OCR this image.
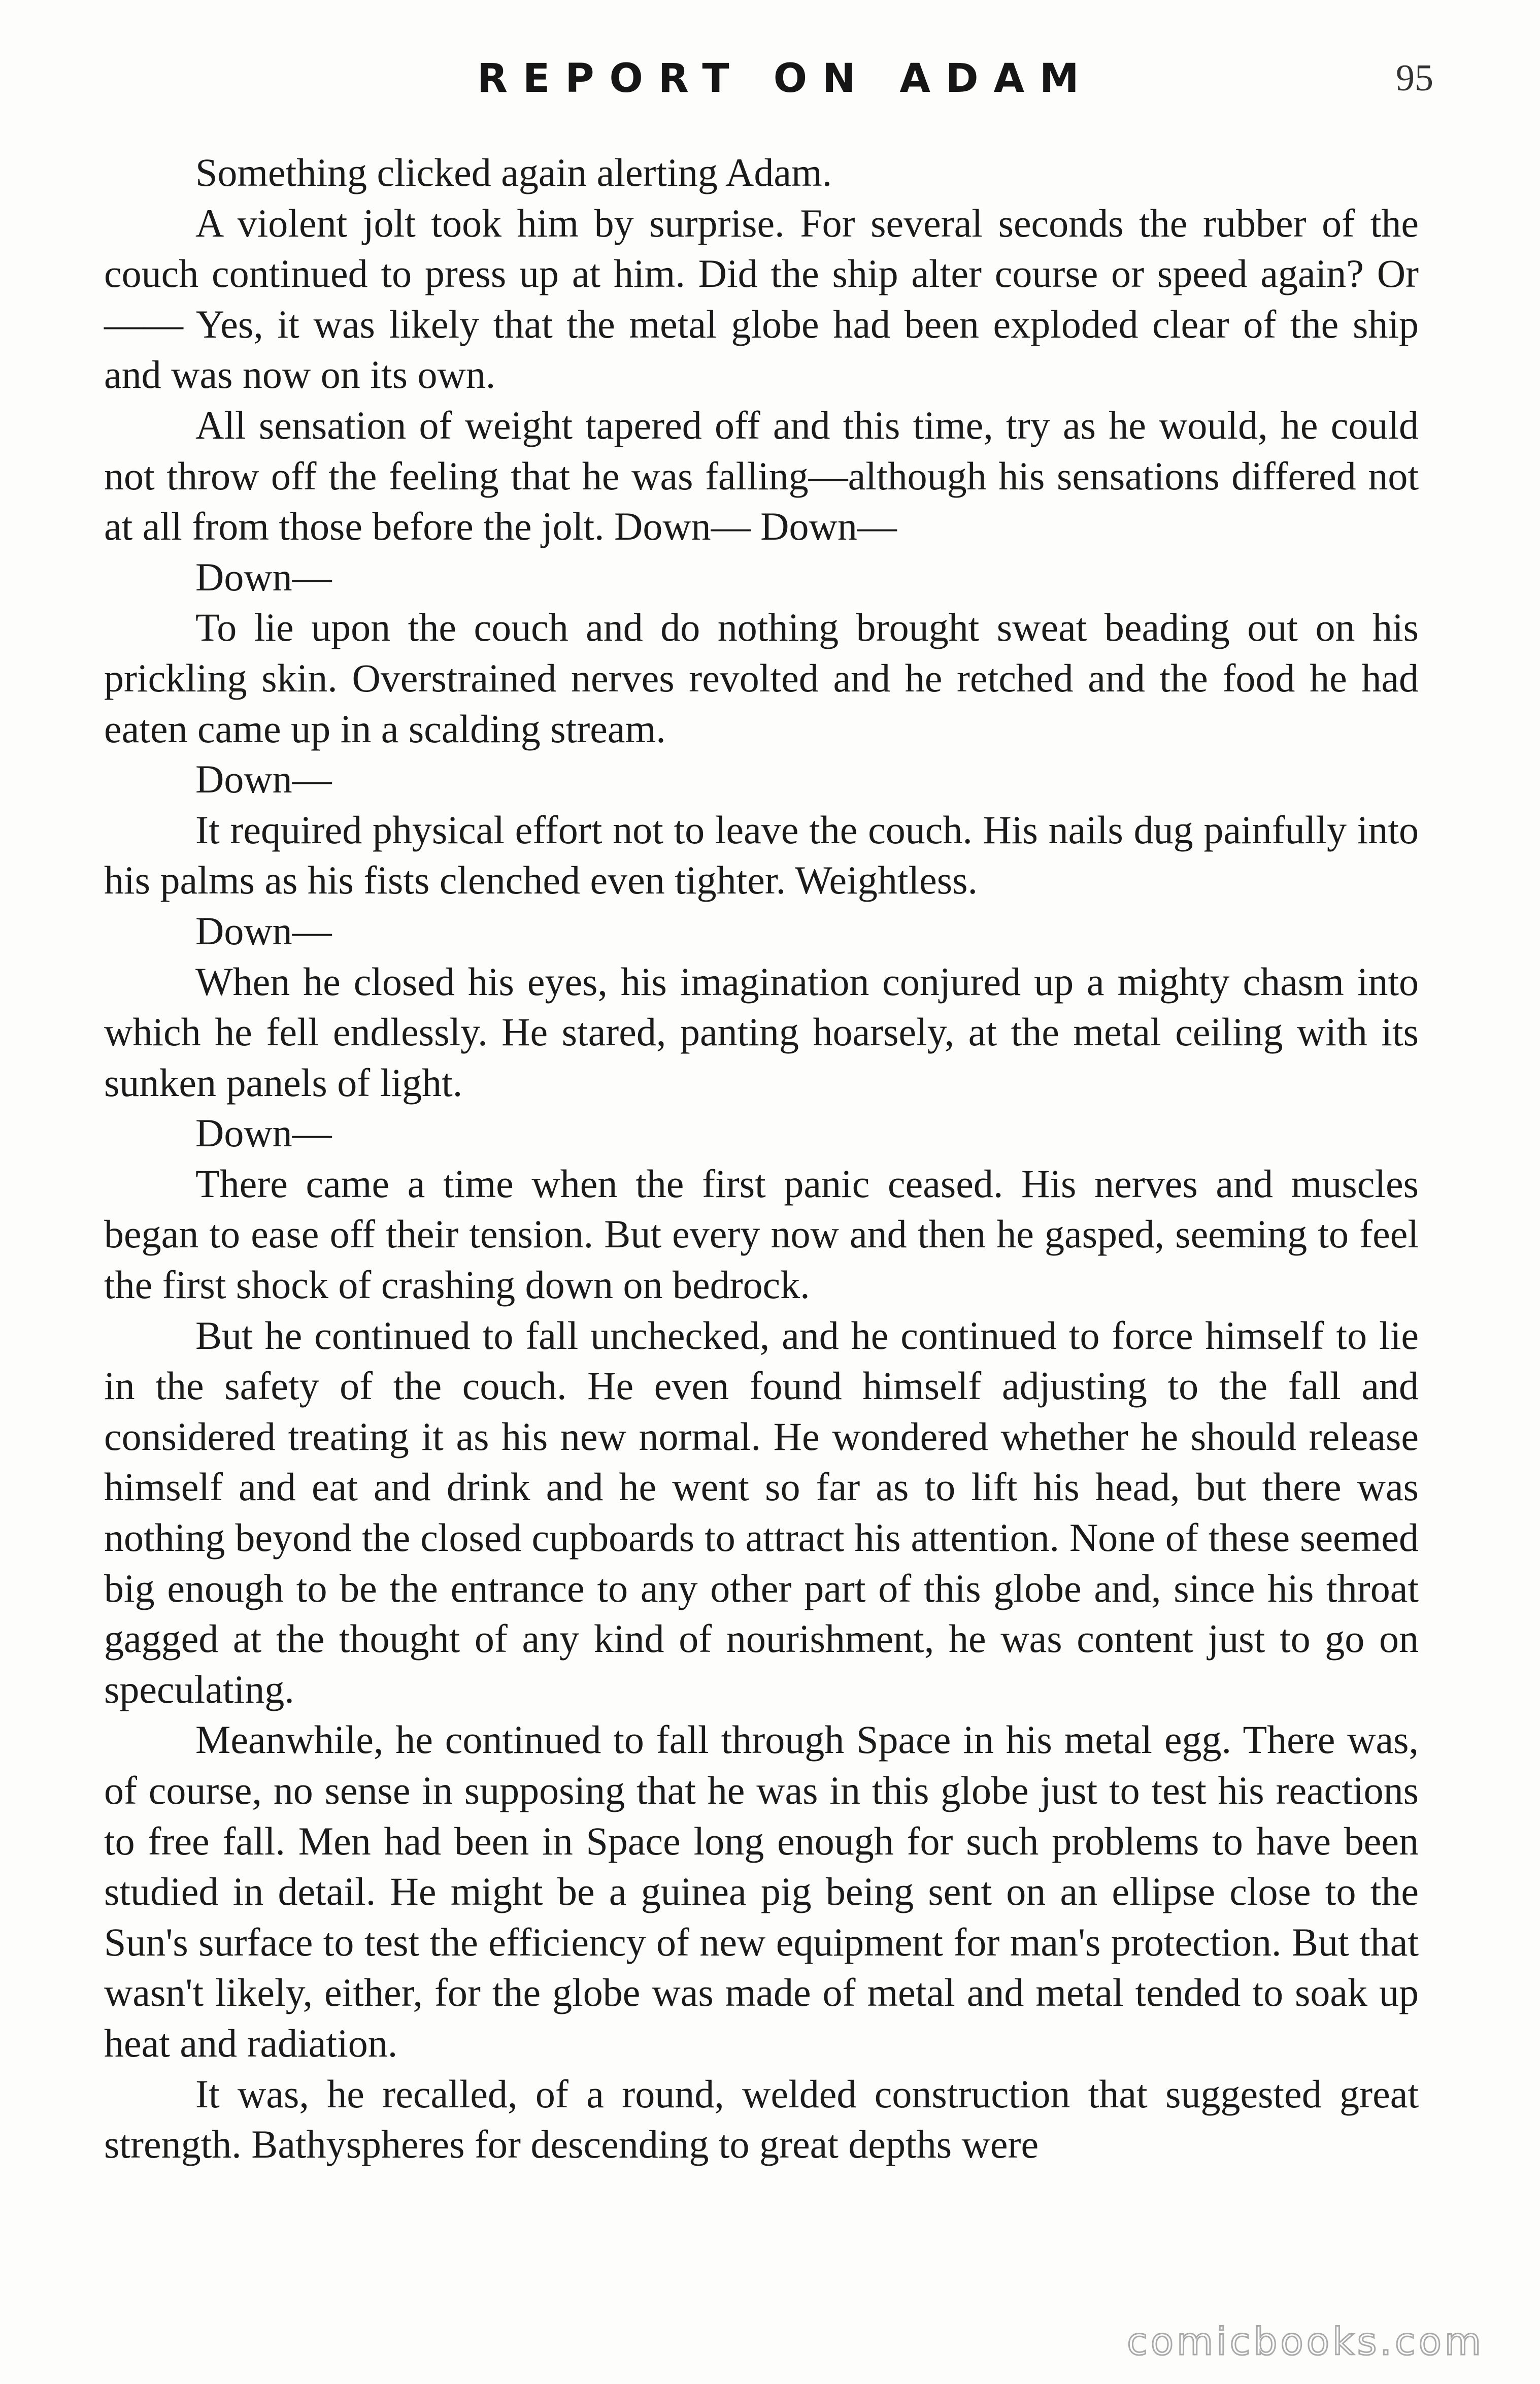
REPORT ON ADAM	95

Something clicked again alerting Adam.

A violent jolt took him by surprise. For several seconds the rubber of the couch continued to press up at him. Did the ship alter course or speed again? Or—— Yes, it was likely that the metal globe had been exploded clear of the ship and was now on its own.

All sensation of weight tapered off and this time, try as he would, he could not throw off the feeling that he was falling—although his sensations differed not at all from those before the jolt. Down— Down—

Down—

To lie upon the couch and do nothing brought sweat beading out on his prickling skin. Overstrained nerves revolted and he retched and the food he had eaten came up in a scalding stream.

Down—

It required physical effort not to leave the couch. His nails dug painfully into his palms as his fists clenched even tighter. Weightless.

Down—

When he closed his eyes, his imagination conjured up a mighty chasm into which he fell endlessly. He stared, panting hoarsely, at the metal ceiling with its sunken panels of light.

Down—

There came a time when the first panic ceased. His nerves and muscles began to ease off their tension. But every now and then he gasped, seeming to feel the first shock of crashing down on bedrock.

But he continued to fall unchecked, and he continued to force himself to lie in the safety of the couch. He even found himself adjusting to the fall and considered treating it as his new normal. He wondered whether he should release himself and eat and drink and he went so far as to lift his head, but there was nothing beyond the closed cupboards to attract his attention. None of these seemed big enough to be the entrance to any other part of this globe and, since his throat gagged at the thought of any kind of nourishment, he was content just to go on speculating.

Meanwhile, he continued to fall through Space in his metal egg. There was, of course, no sense in supposing that he was in this globe just to test his reactions to free fall. Men had been in Space long enough for such problems to have been studied in detail. He might be a guinea pig being sent on an ellipse close to the Sun's surface to test the efficiency of new equipment for man's protection. But that wasn't likely, either, for the globe was made of metal and metal tended to soak up heat and radiation.

It was, he recalled, of a round, welded construction that suggested great strength. Bathyspheres for descending to great depths were

comicbooks.com
